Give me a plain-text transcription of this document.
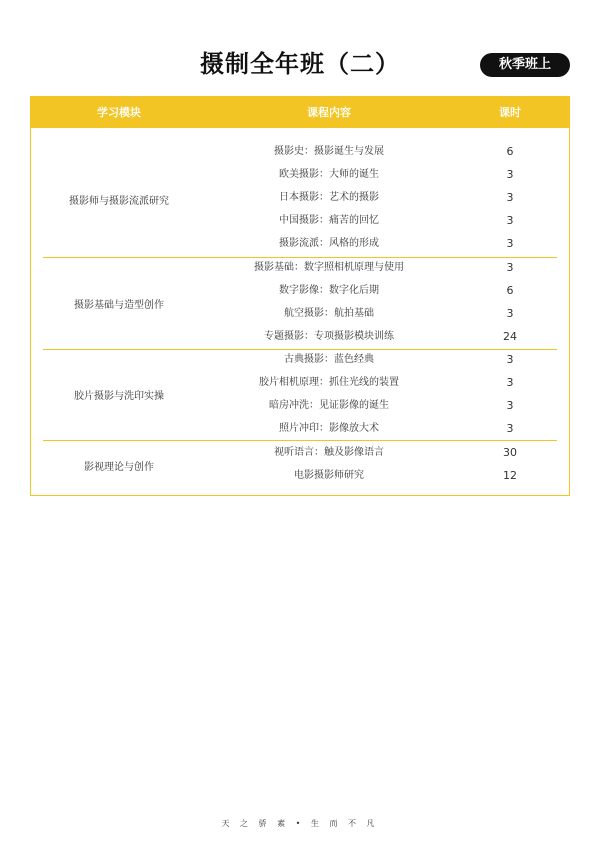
摄制全年班（二）	秋季班上
学习模块	课程内容	课时
摄影师与摄影流派研究
摄影史：摄影诞生与发展	6
欧美摄影：大师的诞生	3
日本摄影：艺术的摄影	3
中国摄影：痛苦的回忆	3
摄影流派：风格的形成	3
摄影基础与造型创作
摄影基础：数字照相机原理与使用	3
数字影像：数字化后期	6
航空摄影：航拍基础	3
专题摄影：专项摄影模块训练	24
胶片摄影与洗印实操
古典摄影：蓝色经典	3
胶片相机原理：抓住光线的装置	3
暗房冲洗：见证影像的诞生	3
照片冲印：影像放大术	3
影视理论与创作
视听语言：触及影像语言	30
电影摄影师研究	12
天 之 骄 素 • 生 而 不 凡
